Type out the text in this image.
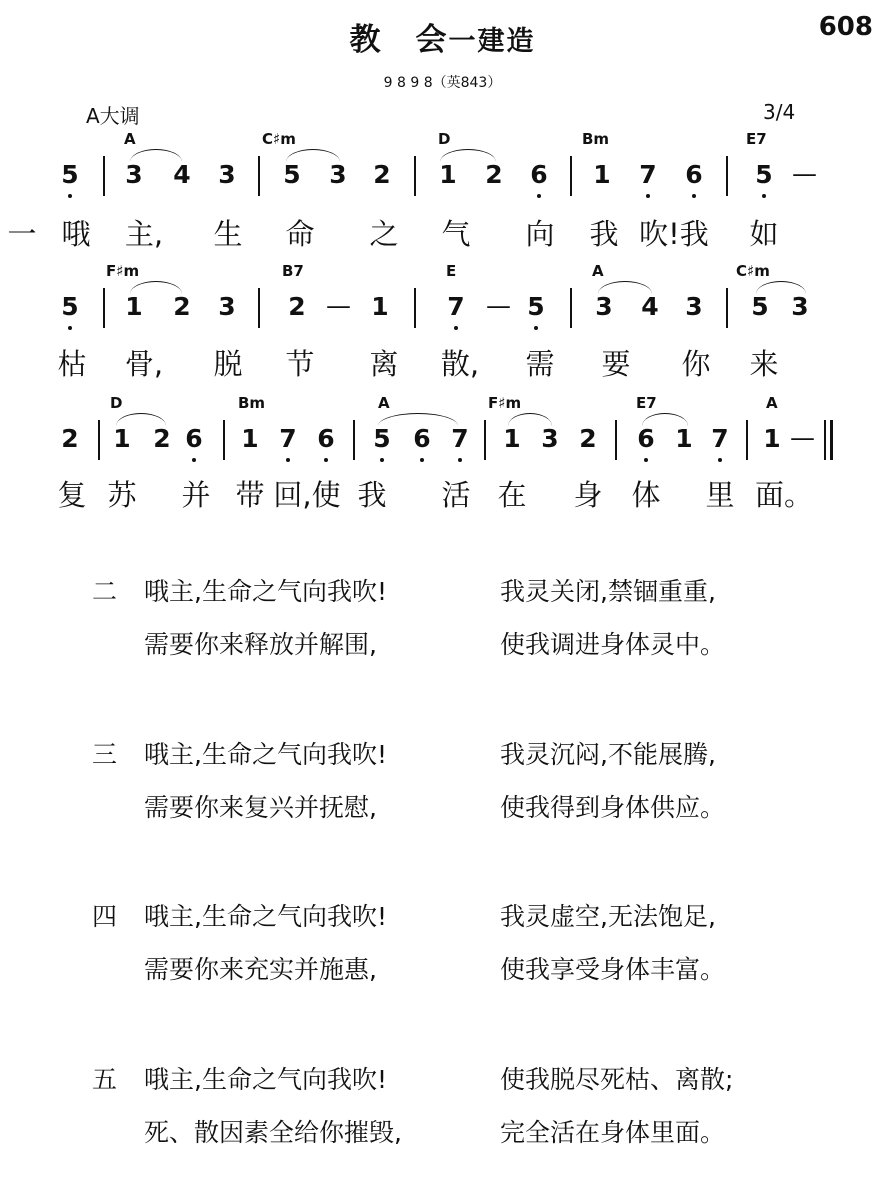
教　会一建造	608
9 8 9 8（英843）
A大调	3/4
5
A
3 4 3
C♯m
5 3 2
D
1 2 6
Bm
1 7 6
E7
5 —
一 哦 主, 生 命 之 气 向 我 吹!我 如
5
F♯m
1 2 3
B7
2 — 1
E
7 — 5
A
3 4 3
C♯m
5 3
枯 骨, 脱 节 离 散, 需 要 你 来
2
D
1 2 6
Bm
1 7 6
A
5 6 7
F♯m
1 3 2
E7
6 1 7
A
1 —
复 苏 并 带 回,使 我 活 在 身 体 里 面。
二 哦主,生命之气向我吹!	我灵关闭,禁锢重重,
需要你来释放并解围,	使我调进身体灵中。
三 哦主,生命之气向我吹!	我灵沉闷,不能展腾,
需要你来复兴并抚慰,	使我得到身体供应。
四 哦主,生命之气向我吹!	我灵虚空,无法饱足,
需要你来充实并施惠,	使我享受身体丰富。
五 哦主,生命之气向我吹!	使我脱尽死枯、离散;
死、散因素全给你摧毁,	完全活在身体里面。
